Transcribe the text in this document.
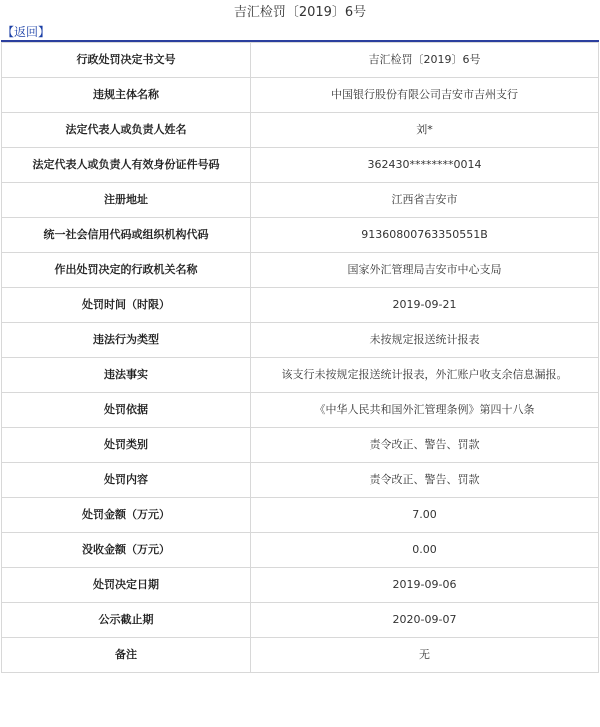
吉汇检罚〔2019〕6号
【返回】
行政处罚决定书文号	吉汇检罚〔2019〕6号
违规主体名称	中国银行股份有限公司吉安市吉州支行
法定代表人或负责人姓名	刘*
法定代表人或负责人有效身份证件号码	362430********0014
注册地址	江西省吉安市
统一社会信用代码或组织机构代码	91360800763350551B
作出处罚决定的行政机关名称	国家外汇管理局吉安市中心支局
处罚时间（时限）	2019-09-21
违法行为类型	未按规定报送统计报表
违法事实	该支行未按规定报送统计报表，外汇账户收支余信息漏报。
处罚依据	《中华人民共和国外汇管理条例》第四十八条
处罚类别	责令改正、警告、罚款
处罚内容	责令改正、警告、罚款
处罚金额（万元）	7.00
没收金额（万元）	0.00
处罚决定日期	2019-09-06
公示截止期	2020-09-07
备注	无
